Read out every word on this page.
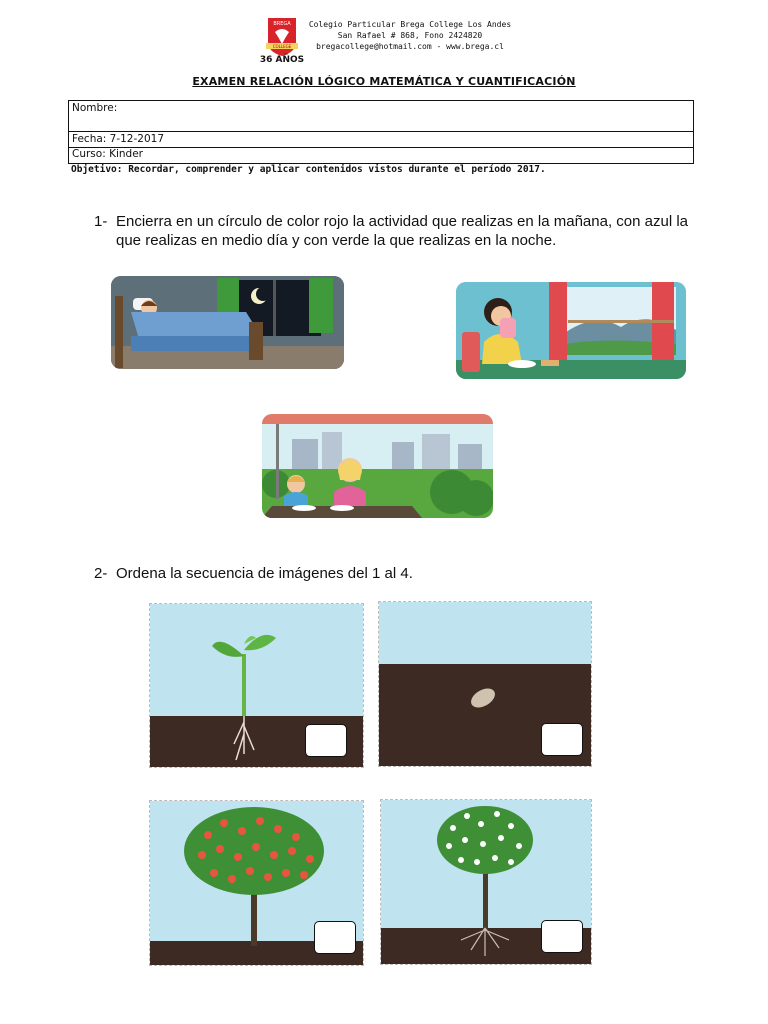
BREGA
COLLEGE
36 AÑOS
Colegio Particular Brega College Los Andes
San Rafael # 868, Fono 2424820
bregacollege@hotmail.com - www.brega.cl
EXAMEN RELACIÓN LÓGICO MATEMÁTICA Y CUANTIFICACIÓN
Nombre:
Fecha: 7-12-2017
Curso: Kinder
Objetivo: Recordar, comprender y aplicar contenidos vistos durante el período 2017.
1- Encierra en un círculo de color rojo la actividad que realizas en la mañana, con azul la
que realizas en medio día y con verde la que realizas en la noche.
2- Ordena la secuencia de imágenes del 1 al 4.
